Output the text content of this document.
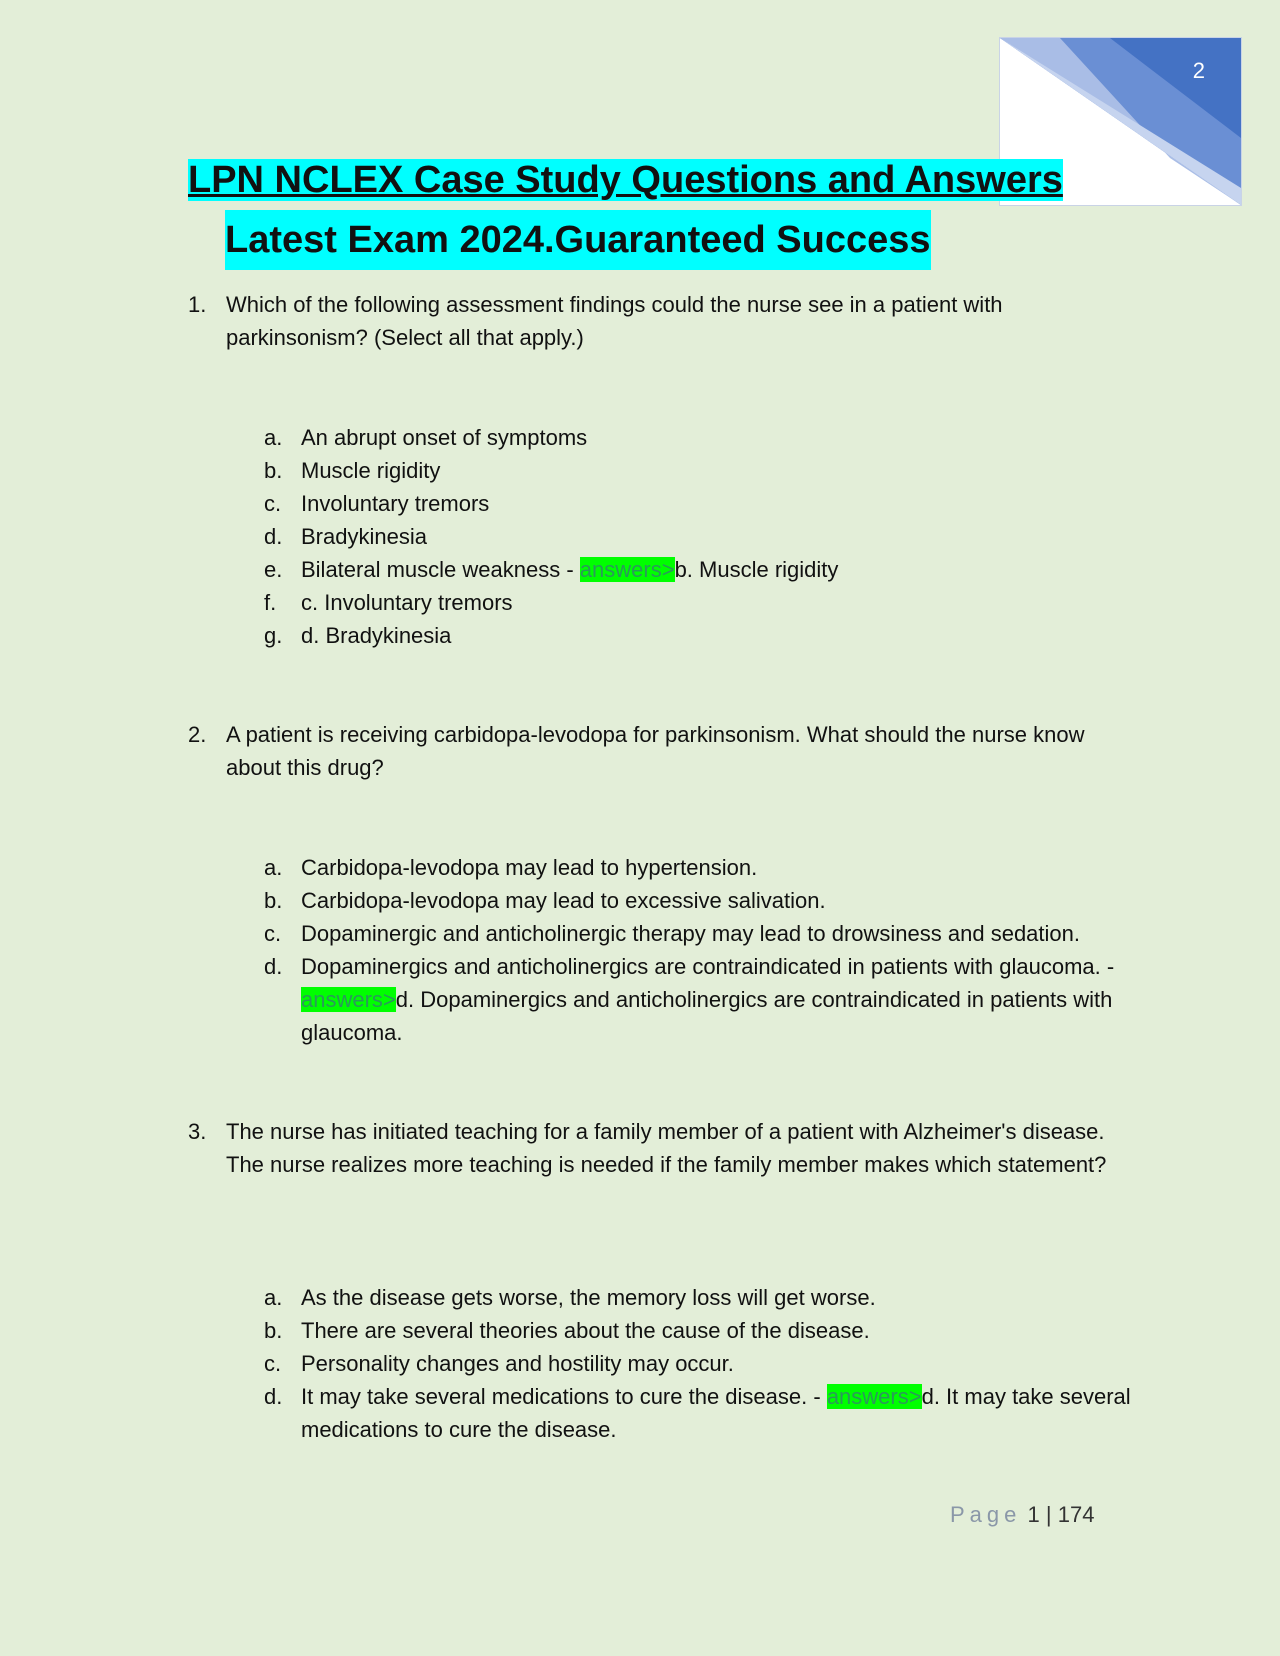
2
LPN NCLEX Case Study Questions and Answers
Latest Exam 2024.Guaranteed Success
1. Which of the following assessment findings could the nurse see in a patient with parkinsonism? (Select all that apply.)
a. An abrupt onset of symptoms
b. Muscle rigidity
c. Involuntary tremors
d. Bradykinesia
e. Bilateral muscle weakness - answers>b. Muscle rigidity
f. c. Involuntary tremors
g. d. Bradykinesia
2. A patient is receiving carbidopa-levodopa for parkinsonism. What should the nurse know about this drug?
a. Carbidopa-levodopa may lead to hypertension.
b. Carbidopa-levodopa may lead to excessive salivation.
c. Dopaminergic and anticholinergic therapy may lead to drowsiness and sedation.
d. Dopaminergics and anticholinergics are contraindicated in patients with glaucoma. - answers>d. Dopaminergics and anticholinergics are contraindicated in patients with glaucoma.
3. The nurse has initiated teaching for a family member of a patient with Alzheimer's disease. The nurse realizes more teaching is needed if the family member makes which statement?
a. As the disease gets worse, the memory loss will get worse.
b. There are several theories about the cause of the disease.
c. Personality changes and hostility may occur.
d. It may take several medications to cure the disease. - answers>d. It may take several medications to cure the disease.
Page 1 | 174
